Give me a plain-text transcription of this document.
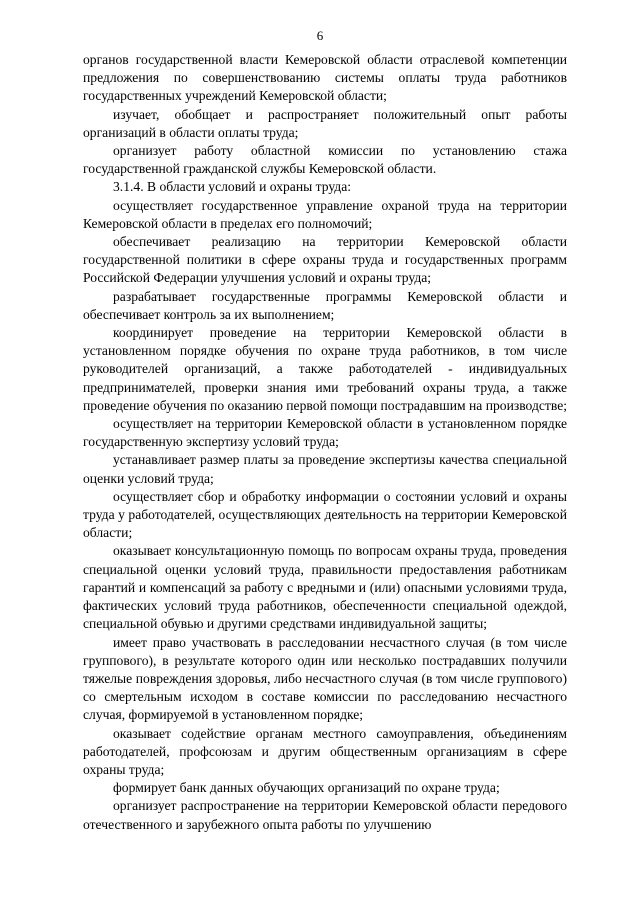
6

органов государственной власти Кемеровской области отраслевой компетенции предложения по совершенствованию системы оплаты труда работников государственных учреждений Кемеровской области;

изучает, обобщает и распространяет положительный опыт работы организаций в области оплаты труда;

организует работу областной комиссии по установлению стажа государственной гражданской службы Кемеровской области.

3.1.4. В области условий и охраны труда:

осуществляет государственное управление охраной труда на территории Кемеровской области в пределах его полномочий;

обеспечивает реализацию на территории Кемеровской области государственной политики в сфере охраны труда и государственных программ Российской Федерации улучшения условий и охраны труда;

разрабатывает государственные программы Кемеровской области и обеспечивает контроль за их выполнением;

координирует проведение на территории Кемеровской области в установленном порядке обучения по охране труда работников, в том числе руководителей организаций, а также работодателей - индивидуальных предпринимателей, проверки знания ими требований охраны труда, а также проведение обучения по оказанию первой помощи пострадавшим на производстве;

осуществляет на территории Кемеровской области в установленном порядке государственную экспертизу условий труда;

устанавливает размер платы за проведение экспертизы качества специальной оценки условий труда;

осуществляет сбор и обработку информации о состоянии условий и охраны труда у работодателей, осуществляющих деятельность на территории Кемеровской области;

оказывает консультационную помощь по вопросам охраны труда, проведения специальной оценки условий труда, правильности предоставления работникам гарантий и компенсаций за работу с вредными и (или) опасными условиями труда, фактических условий труда работников, обеспеченности специальной одеждой, специальной обувью и другими средствами индивидуальной защиты;

имеет право участвовать в расследовании несчастного случая (в том числе группового), в результате которого один или несколько пострадавших получили тяжелые повреждения здоровья, либо несчастного случая (в том числе группового) со смертельным исходом в составе комиссии по расследованию несчастного случая, формируемой в установленном порядке;

оказывает содействие органам местного самоуправления, объединениям работодателей, профсоюзам и другим общественным организациям в сфере охраны труда;

формирует банк данных обучающих организаций по охране труда;

организует распространение на территории Кемеровской области передового отечественного и зарубежного опыта работы по улучшению
